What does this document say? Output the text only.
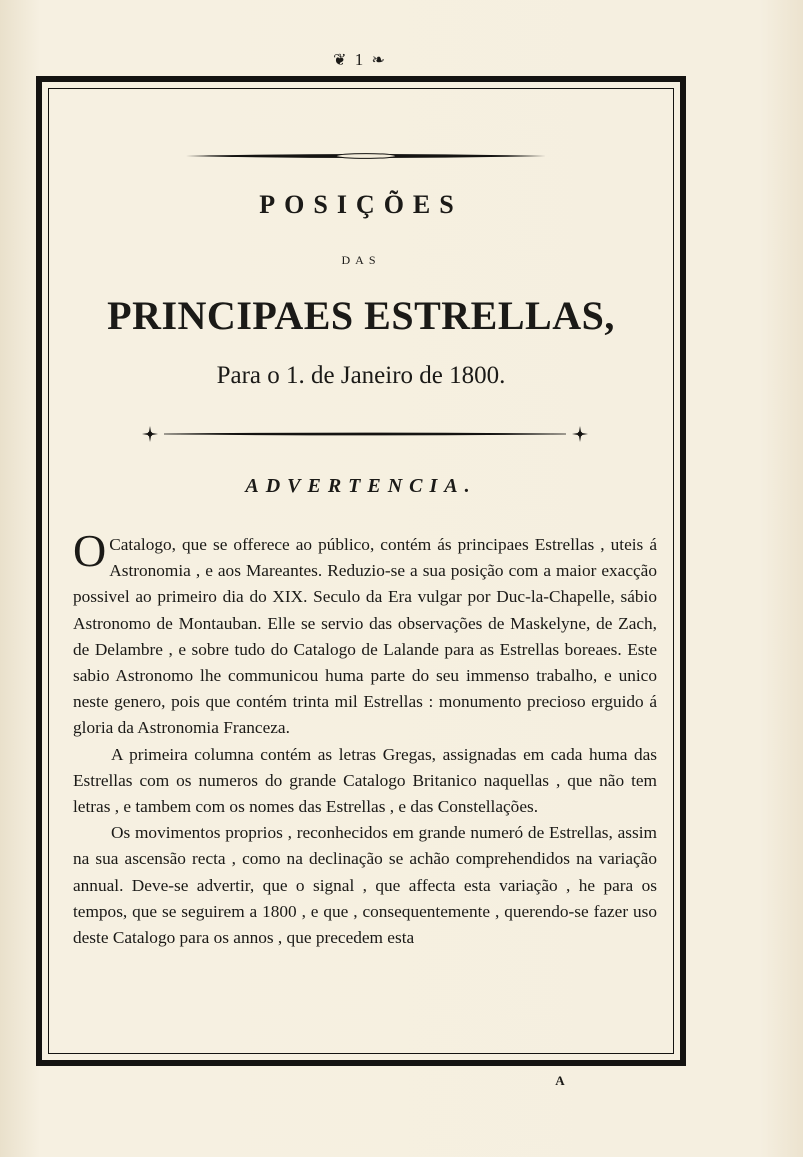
❦ 1 ❧
POSIÇÕES
DAS
PRINCIPAES ESTRELLAS,
Para o 1. de Janeiro de 1800.
ADVERTENCIA.

O Catalogo, que se offerece ao público, contém ás principaes Estrellas , uteis á Astronomia , e aos Mareantes. Reduzio-se a sua posição com a maior exacção possivel ao primeiro dia do XIX. Seculo da Era vulgar por Duc-la-Chapelle, sábio Astronomo de Montauban. Elle se servio das observações de Maskelyne, de Zach, de Delambre , e sobre tudo do Catalogo de Lalande para as Estrellas boreaes. Este sabio Astronomo lhe communicou huma parte do seu immenso trabalho, e unico neste genero, pois que contém trinta mil Estrellas : monumento precioso erguido á gloria da Astronomia Franceza.

A primeira columna contém as letras Gregas, assignadas em cada huma das Estrellas com os numeros do grande Catalogo Britanico naquellas , que não tem letras , e tambem com os nomes das Estrellas , e das Constellações.

Os movimentos proprios , reconhecidos em grande numeró de Estrellas, assim na sua ascensão recta , como na declinação se achão comprehendidos na variação annual. Deve-se advertir, que o signal , que affecta esta variação , he para os tempos, que se seguirem a 1800 , e que , consequentemente , querendo-se fazer uso deste Catalogo para os annos , que precedem esta

A
